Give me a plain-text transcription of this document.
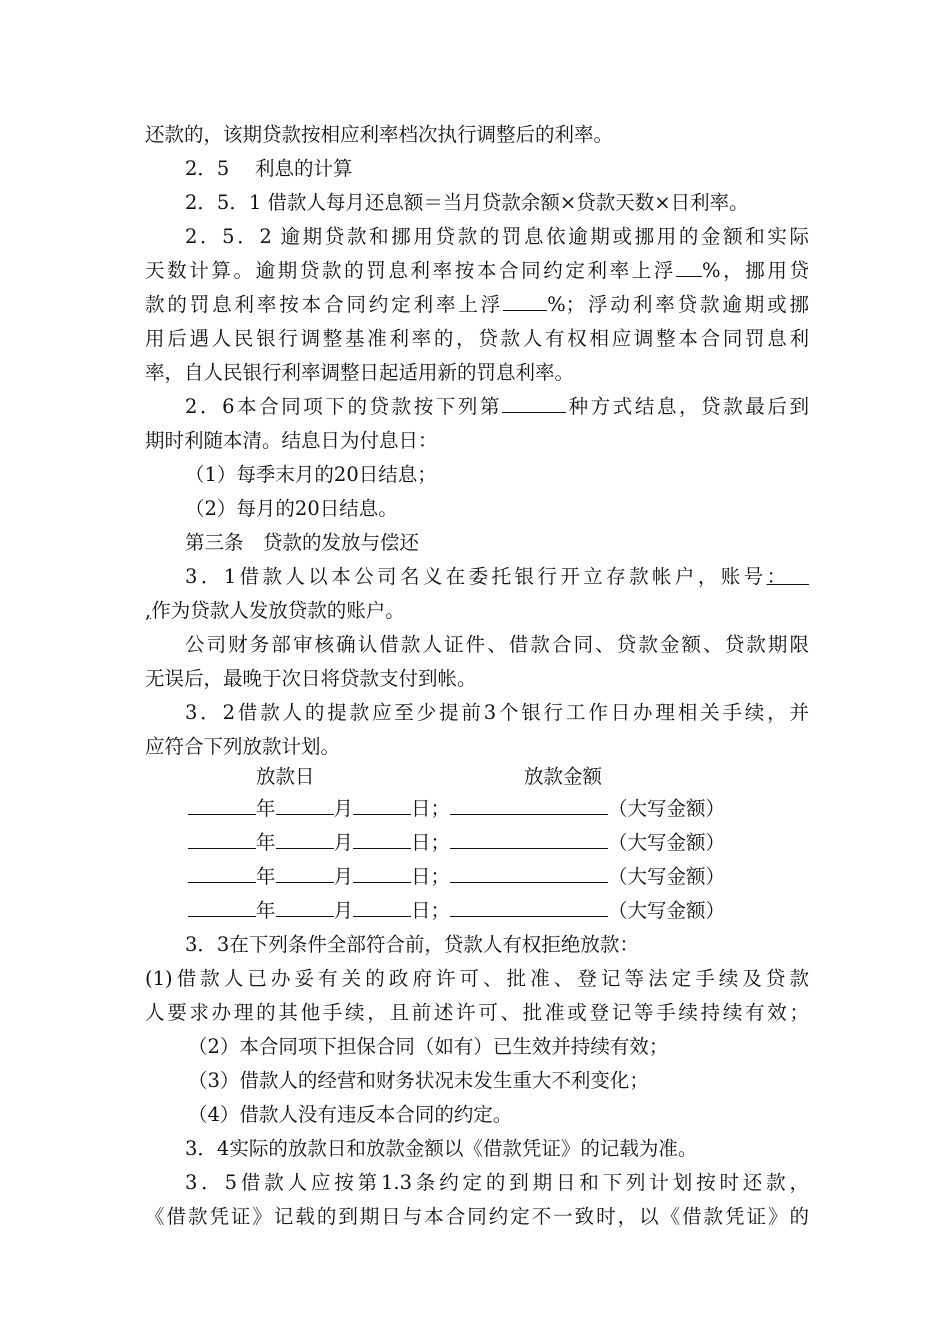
还款的，该期贷款按相应利率档次执行调整后的利率。
2．5　 利息的计算
2．5．1 借款人每月还息额＝当月贷款余额×贷款天数×日利率。
2．5．2 逾期贷款和挪用贷款的罚息依逾期或挪用的金额和实际
天数计算。逾期贷款的罚息利率按本合同约定利率上浮 %，挪用贷
款的罚息利率按本合同约定利率上浮 %；浮动利率贷款逾期或挪
用后遇人民银行调整基准利率的，贷款人有权相应调整本合同罚息利
率，自人民银行利率调整日起适用新的罚息利率。
2．6本合同项下的贷款按下列第	种方式结息，贷款最后到
期时利随本清。结息日为付息日：
（1）每季末月的20日结息；
（2）每月的20日结息。
第三条　贷款的发放与偿还
3．1借款人以本公司名义在委托银行开立存款帐户，账号：  
,作为贷款人发放贷款的账户。
公司财务部审核确认借款人证件、借款合同、贷款金额、贷款期限
无误后，最晚于次日将贷款支付到帐。
3．2借款人的提款应至少提前3个银行工作日办理相关手续，并
应符合下列放款计划。
放款日	放款金额
年	月	日；	（大写金额）
年	月	日；	（大写金额）
年	月	日；	（大写金额）
年	月	日；	（大写金额）
3．3在下列条件全部符合前，贷款人有权拒绝放款：
(1)借款人已办妥有关的政府许可、批准、登记等法定手续及贷款
人要求办理的其他手续，且前述许可、批准或登记等手续持续有效；
（2）本合同项下担保合同（如有）已生效并持续有效；
（3）借款人的经营和财务状况未发生重大不利变化；
（4）借款人没有违反本合同的约定。
3．4实际的放款日和放款金额以《借款凭证》的记载为准。
3．5借款人应按第1.3条约定的到期日和下列计划按时还款，
《借款凭证》记载的到期日与本合同约定不一致时，以《借款凭证》的
